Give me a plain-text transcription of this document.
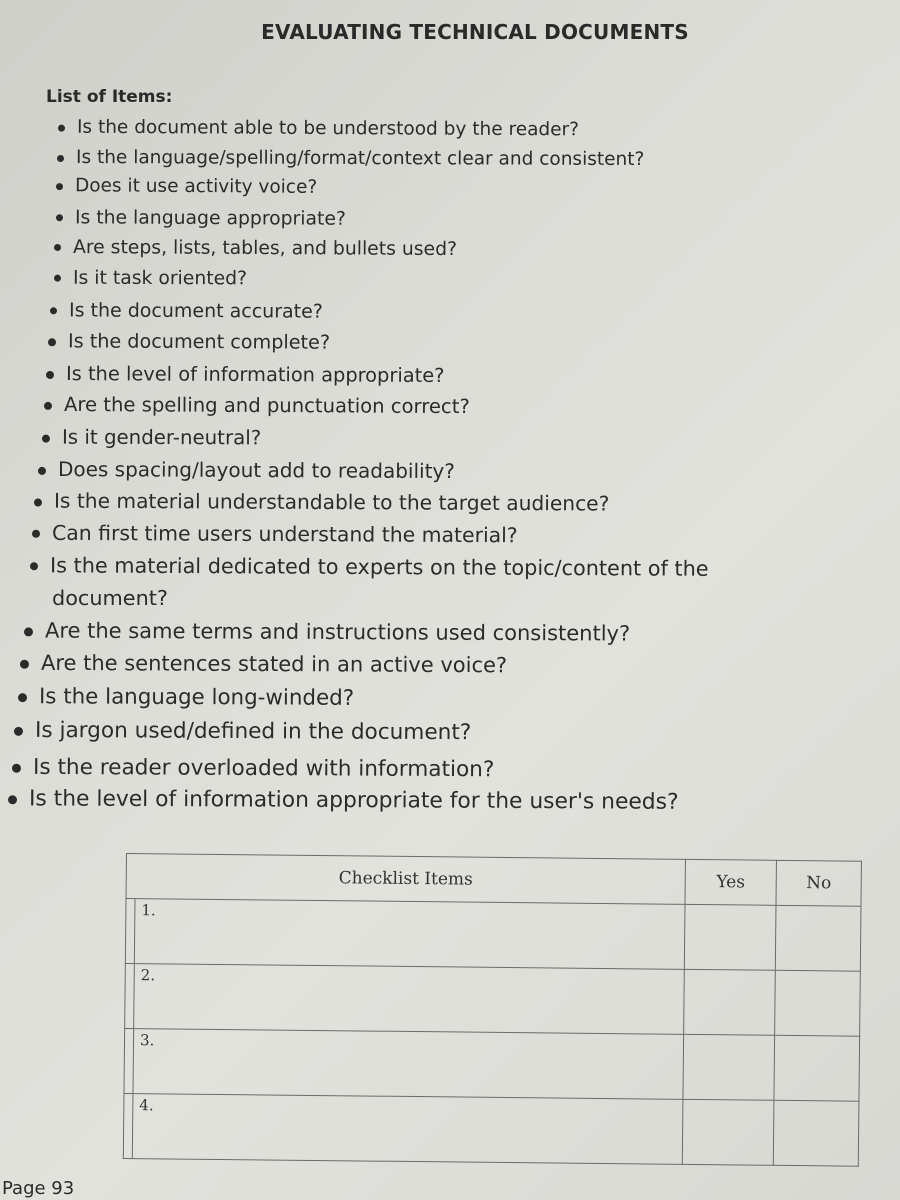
EVALUATING TECHNICAL DOCUMENTS
List of Items:
Is the document able to be understood by the reader?
Is the language/spelling/format/context clear and consistent?
Does it use activity voice?
Is the language appropriate?
Are steps, lists, tables, and bullets used?
Is it task oriented?
Is the document accurate?
Is the document complete?
Is the level of information appropriate?
Are the spelling and punctuation correct?
Is it gender-neutral?
Does spacing/layout add to readability?
Is the material understandable to the target audience?
Can first time users understand the material?
Is the material dedicated to experts on the topic/content of the
document?
Are the same terms and instructions used consistently?
Are the sentences stated in an active voice?
Is the language long-winded?
Is jargon used/defined in the document?
Is the reader overloaded with information?
Is the level of information appropriate for the user's needs?
Checklist Items		Yes	No
	1.		
	2.		
	3.		
	4.		
Page 93
